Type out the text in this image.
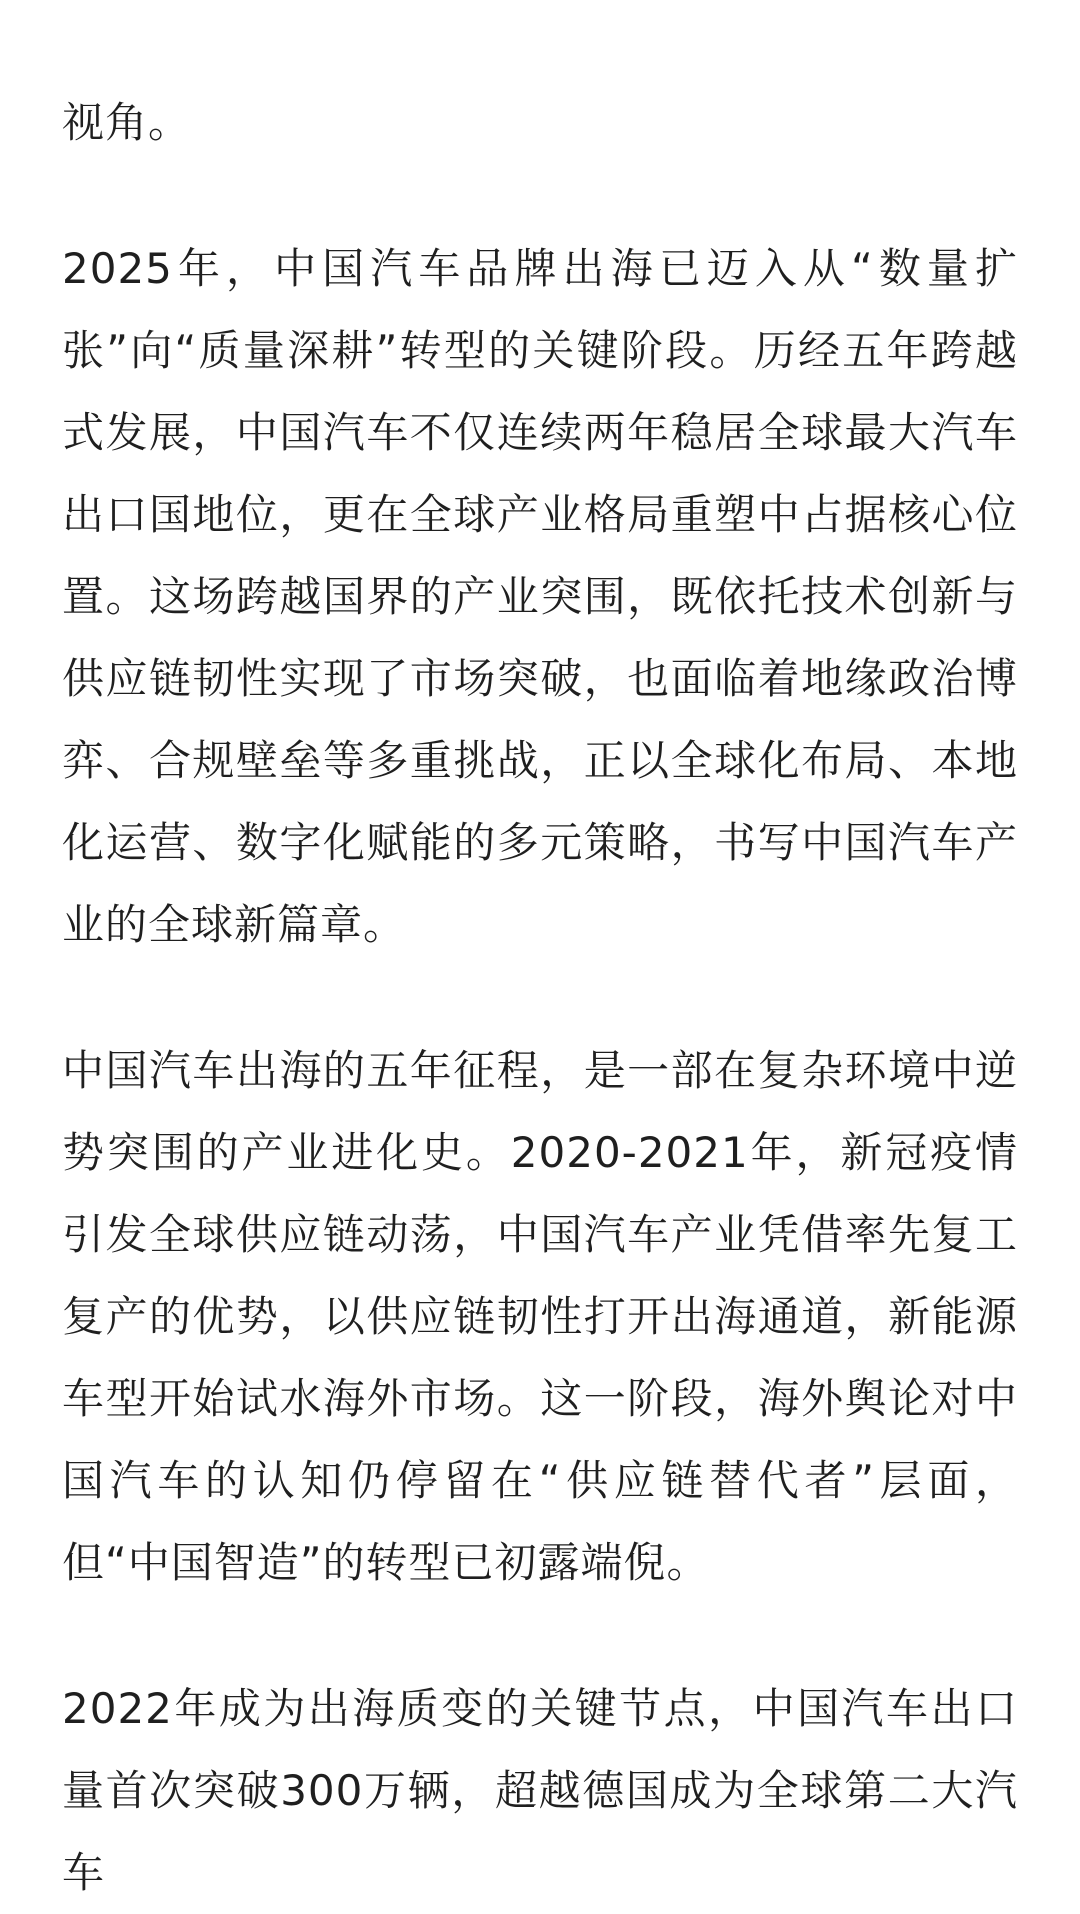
视角。

2025年，中国汽车品牌出海已迈入从“数量扩张”向“质量深耕”转型的关键阶段。历经五年跨越式发展，中国汽车不仅连续两年稳居全球最大汽车出口国地位，更在全球产业格局重塑中占据核心位置。这场跨越国界的产业突围，既依托技术创新与供应链韧性实现了市场突破，也面临着地缘政治博弈、合规壁垒等多重挑战，正以全球化布局、本地化运营、数字化赋能的多元策略，书写中国汽车产业的全球新篇章。

中国汽车出海的五年征程，是一部在复杂环境中逆势突围的产业进化史。2020-2021年，新冠疫情引发全球供应链动荡，中国汽车产业凭借率先复工复产的优势，以供应链韧性打开出海通道，新能源车型开始试水海外市场。这一阶段，海外舆论对中国汽车的认知仍停留在“供应链替代者”层面，但“中国智造”的转型已初露端倪。

2022年成为出海质变的关键节点，中国汽车出口量首次突破300万辆，超越德国成为全球第二大汽车
